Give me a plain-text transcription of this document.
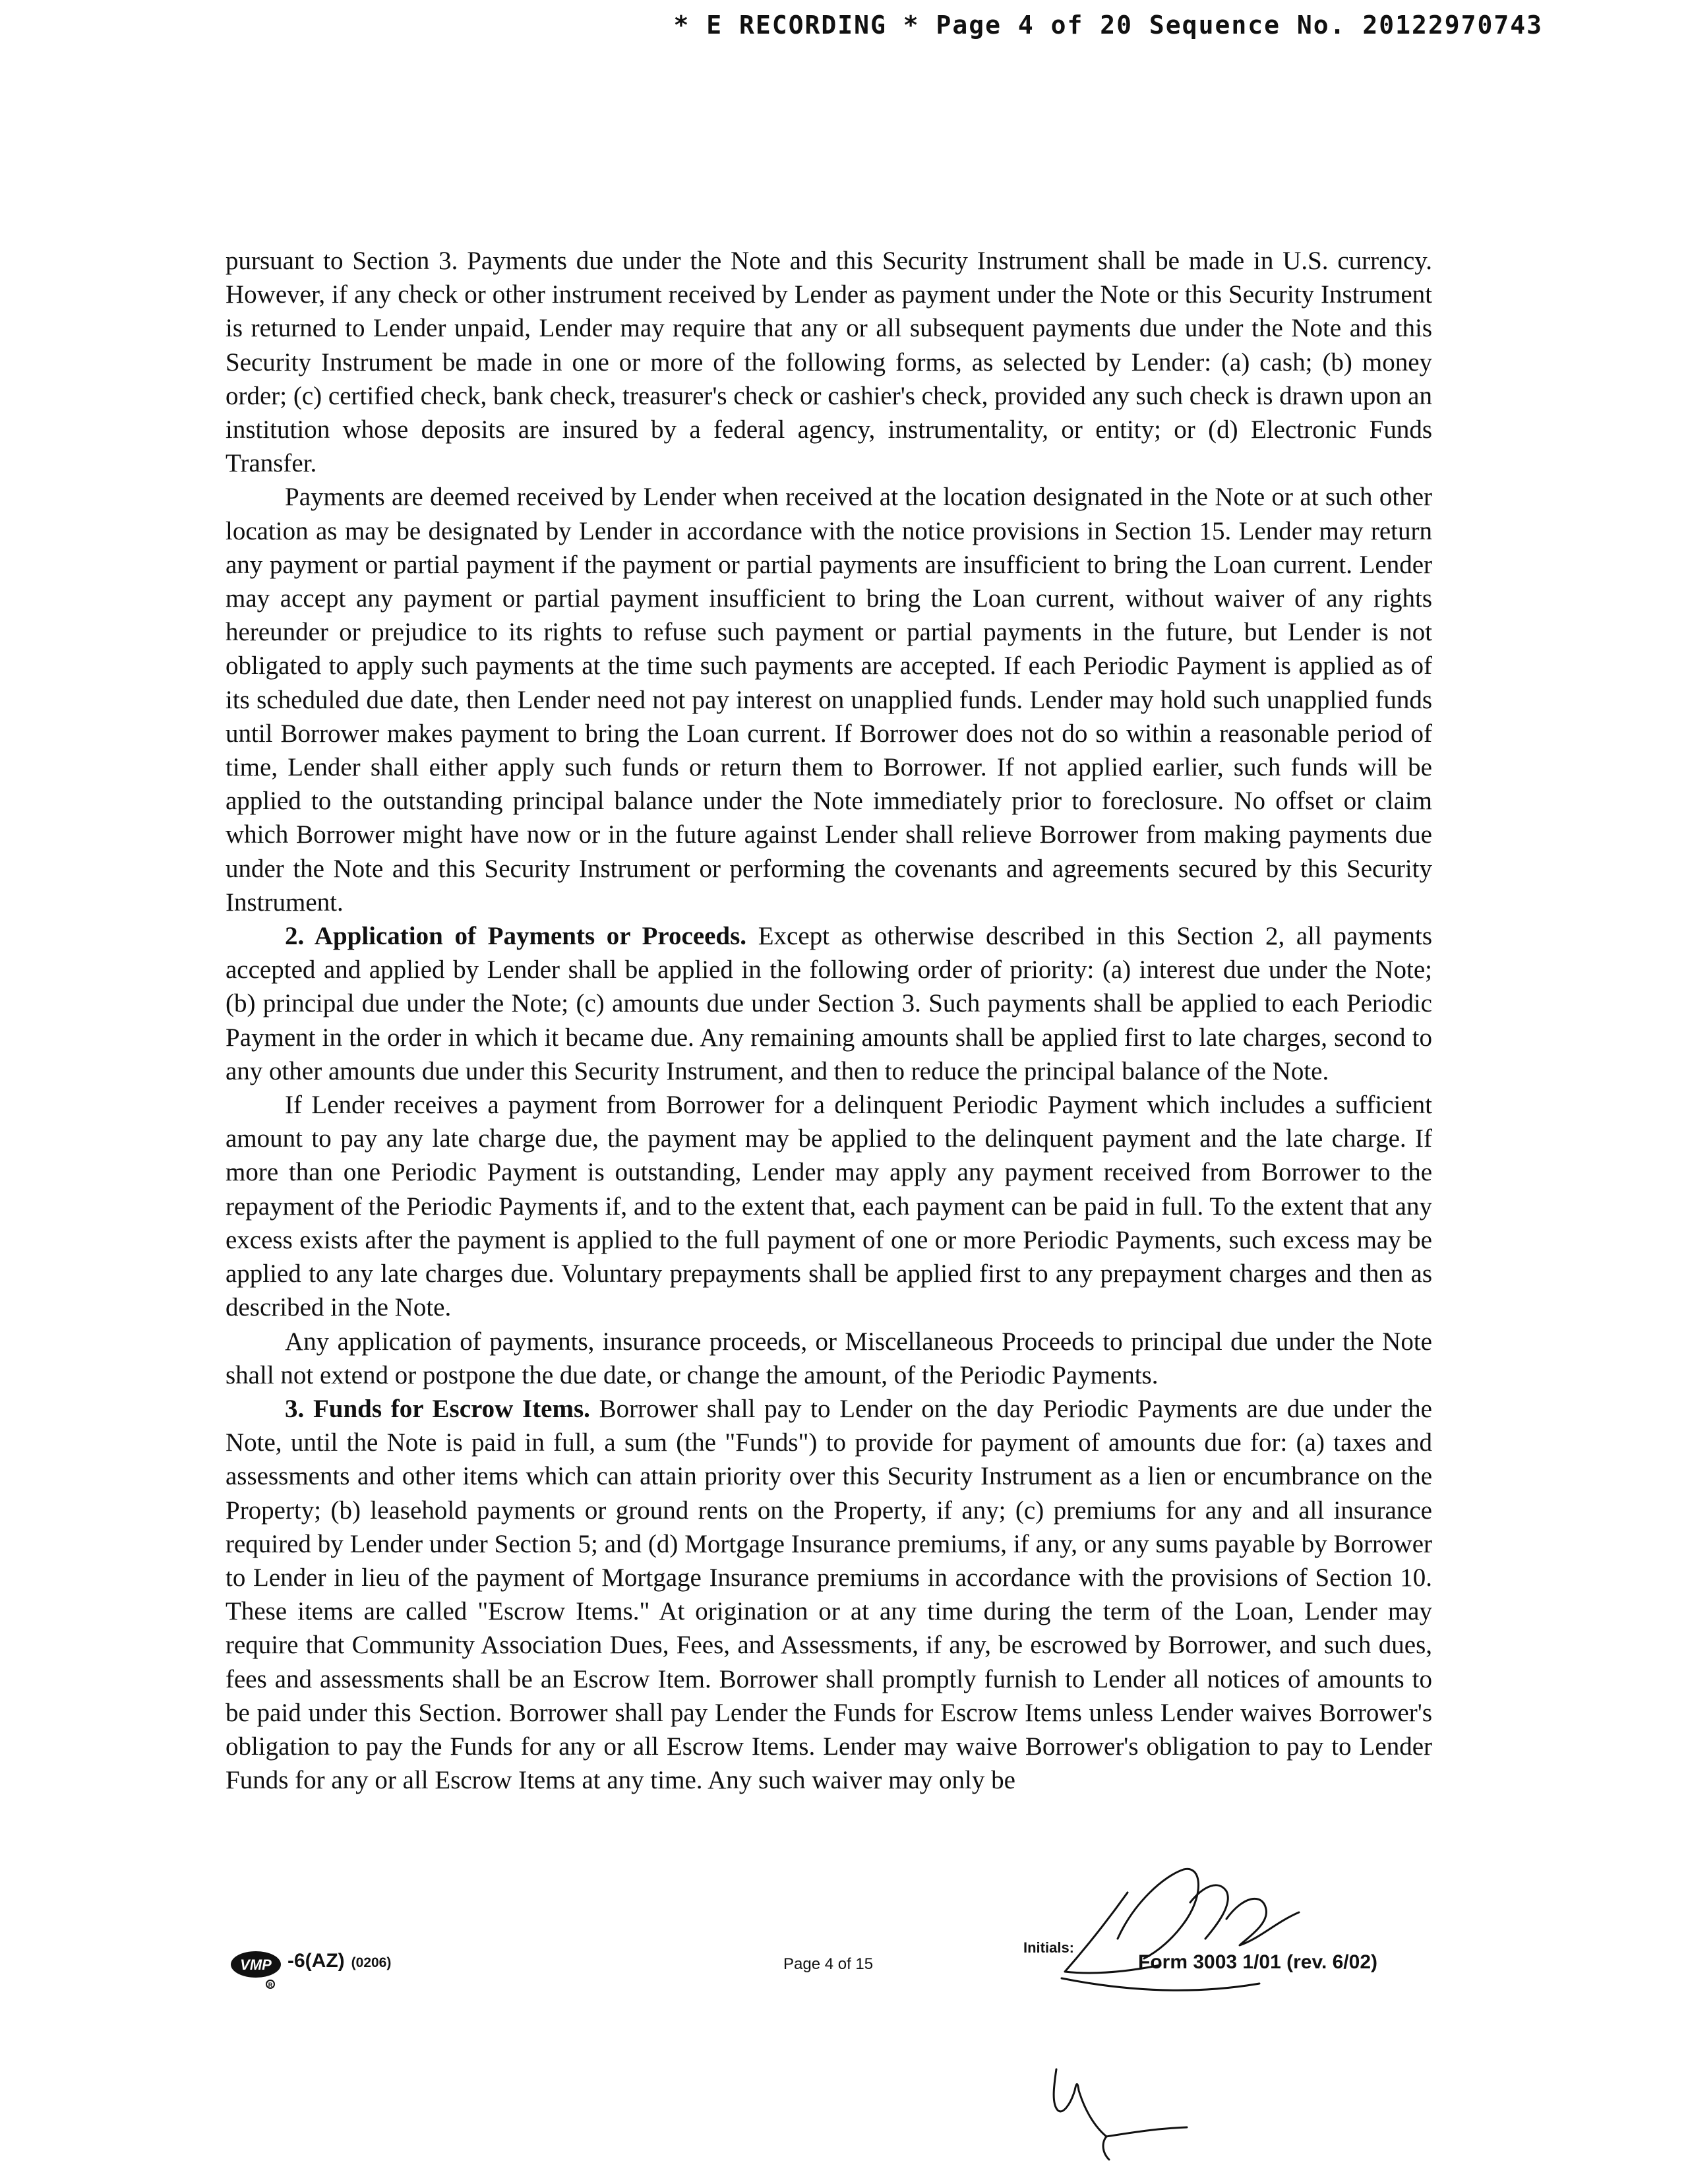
* E RECORDING * Page 4 of 20 Sequence No. 20122970743

pursuant to Section 3. Payments due under the Note and this Security Instrument shall be made in U.S. currency. However, if any check or other instrument received by Lender as payment under the Note or this Security Instrument is returned to Lender unpaid, Lender may require that any or all subsequent payments due under the Note and this Security Instrument be made in one or more of the following forms, as selected by Lender: (a) cash; (b) money order; (c) certified check, bank check, treasurer's check or cashier's check, provided any such check is drawn upon an institution whose deposits are insured by a federal agency, instrumentality, or entity; or (d) Electronic Funds Transfer.

Payments are deemed received by Lender when received at the location designated in the Note or at such other location as may be designated by Lender in accordance with the notice provisions in Section 15. Lender may return any payment or partial payment if the payment or partial payments are insufficient to bring the Loan current. Lender may accept any payment or partial payment insufficient to bring the Loan current, without waiver of any rights hereunder or prejudice to its rights to refuse such payment or partial payments in the future, but Lender is not obligated to apply such payments at the time such payments are accepted. If each Periodic Payment is applied as of its scheduled due date, then Lender need not pay interest on unapplied funds. Lender may hold such unapplied funds until Borrower makes payment to bring the Loan current. If Borrower does not do so within a reasonable period of time, Lender shall either apply such funds or return them to Borrower. If not applied earlier, such funds will be applied to the outstanding principal balance under the Note immediately prior to foreclosure. No offset or claim which Borrower might have now or in the future against Lender shall relieve Borrower from making payments due under the Note and this Security Instrument or performing the covenants and agreements secured by this Security Instrument.

2. Application of Payments or Proceeds. Except as otherwise described in this Section 2, all payments accepted and applied by Lender shall be applied in the following order of priority: (a) interest due under the Note; (b) principal due under the Note; (c) amounts due under Section 3. Such payments shall be applied to each Periodic Payment in the order in which it became due. Any remaining amounts shall be applied first to late charges, second to any other amounts due under this Security Instrument, and then to reduce the principal balance of the Note.

If Lender receives a payment from Borrower for a delinquent Periodic Payment which includes a sufficient amount to pay any late charge due, the payment may be applied to the delinquent payment and the late charge. If more than one Periodic Payment is outstanding, Lender may apply any payment received from Borrower to the repayment of the Periodic Payments if, and to the extent that, each payment can be paid in full. To the extent that any excess exists after the payment is applied to the full payment of one or more Periodic Payments, such excess may be applied to any late charges due. Voluntary prepayments shall be applied first to any prepayment charges and then as described in the Note.

Any application of payments, insurance proceeds, or Miscellaneous Proceeds to principal due under the Note shall not extend or postpone the due date, or change the amount, of the Periodic Payments.

3. Funds for Escrow Items. Borrower shall pay to Lender on the day Periodic Payments are due under the Note, until the Note is paid in full, a sum (the "Funds") to provide for payment of amounts due for: (a) taxes and assessments and other items which can attain priority over this Security Instrument as a lien or encumbrance on the Property; (b) leasehold payments or ground rents on the Property, if any; (c) premiums for any and all insurance required by Lender under Section 5; and (d) Mortgage Insurance premiums, if any, or any sums payable by Borrower to Lender in lieu of the payment of Mortgage Insurance premiums in accordance with the provisions of Section 10. These items are called "Escrow Items." At origination or at any time during the term of the Loan, Lender may require that Community Association Dues, Fees, and Assessments, if any, be escrowed by Borrower, and such dues, fees and assessments shall be an Escrow Item. Borrower shall promptly furnish to Lender all notices of amounts to be paid under this Section. Borrower shall pay Lender the Funds for Escrow Items unless Lender waives Borrower's obligation to pay the Funds for any or all Escrow Items. Lender may waive Borrower's obligation to pay to Lender Funds for any or all Escrow Items at any time. Any such waiver may only be

VMP
R
-6(AZ) (0206)	Page 4 of 15
Initials:
Form 3003 1/01 (rev. 6/02)
